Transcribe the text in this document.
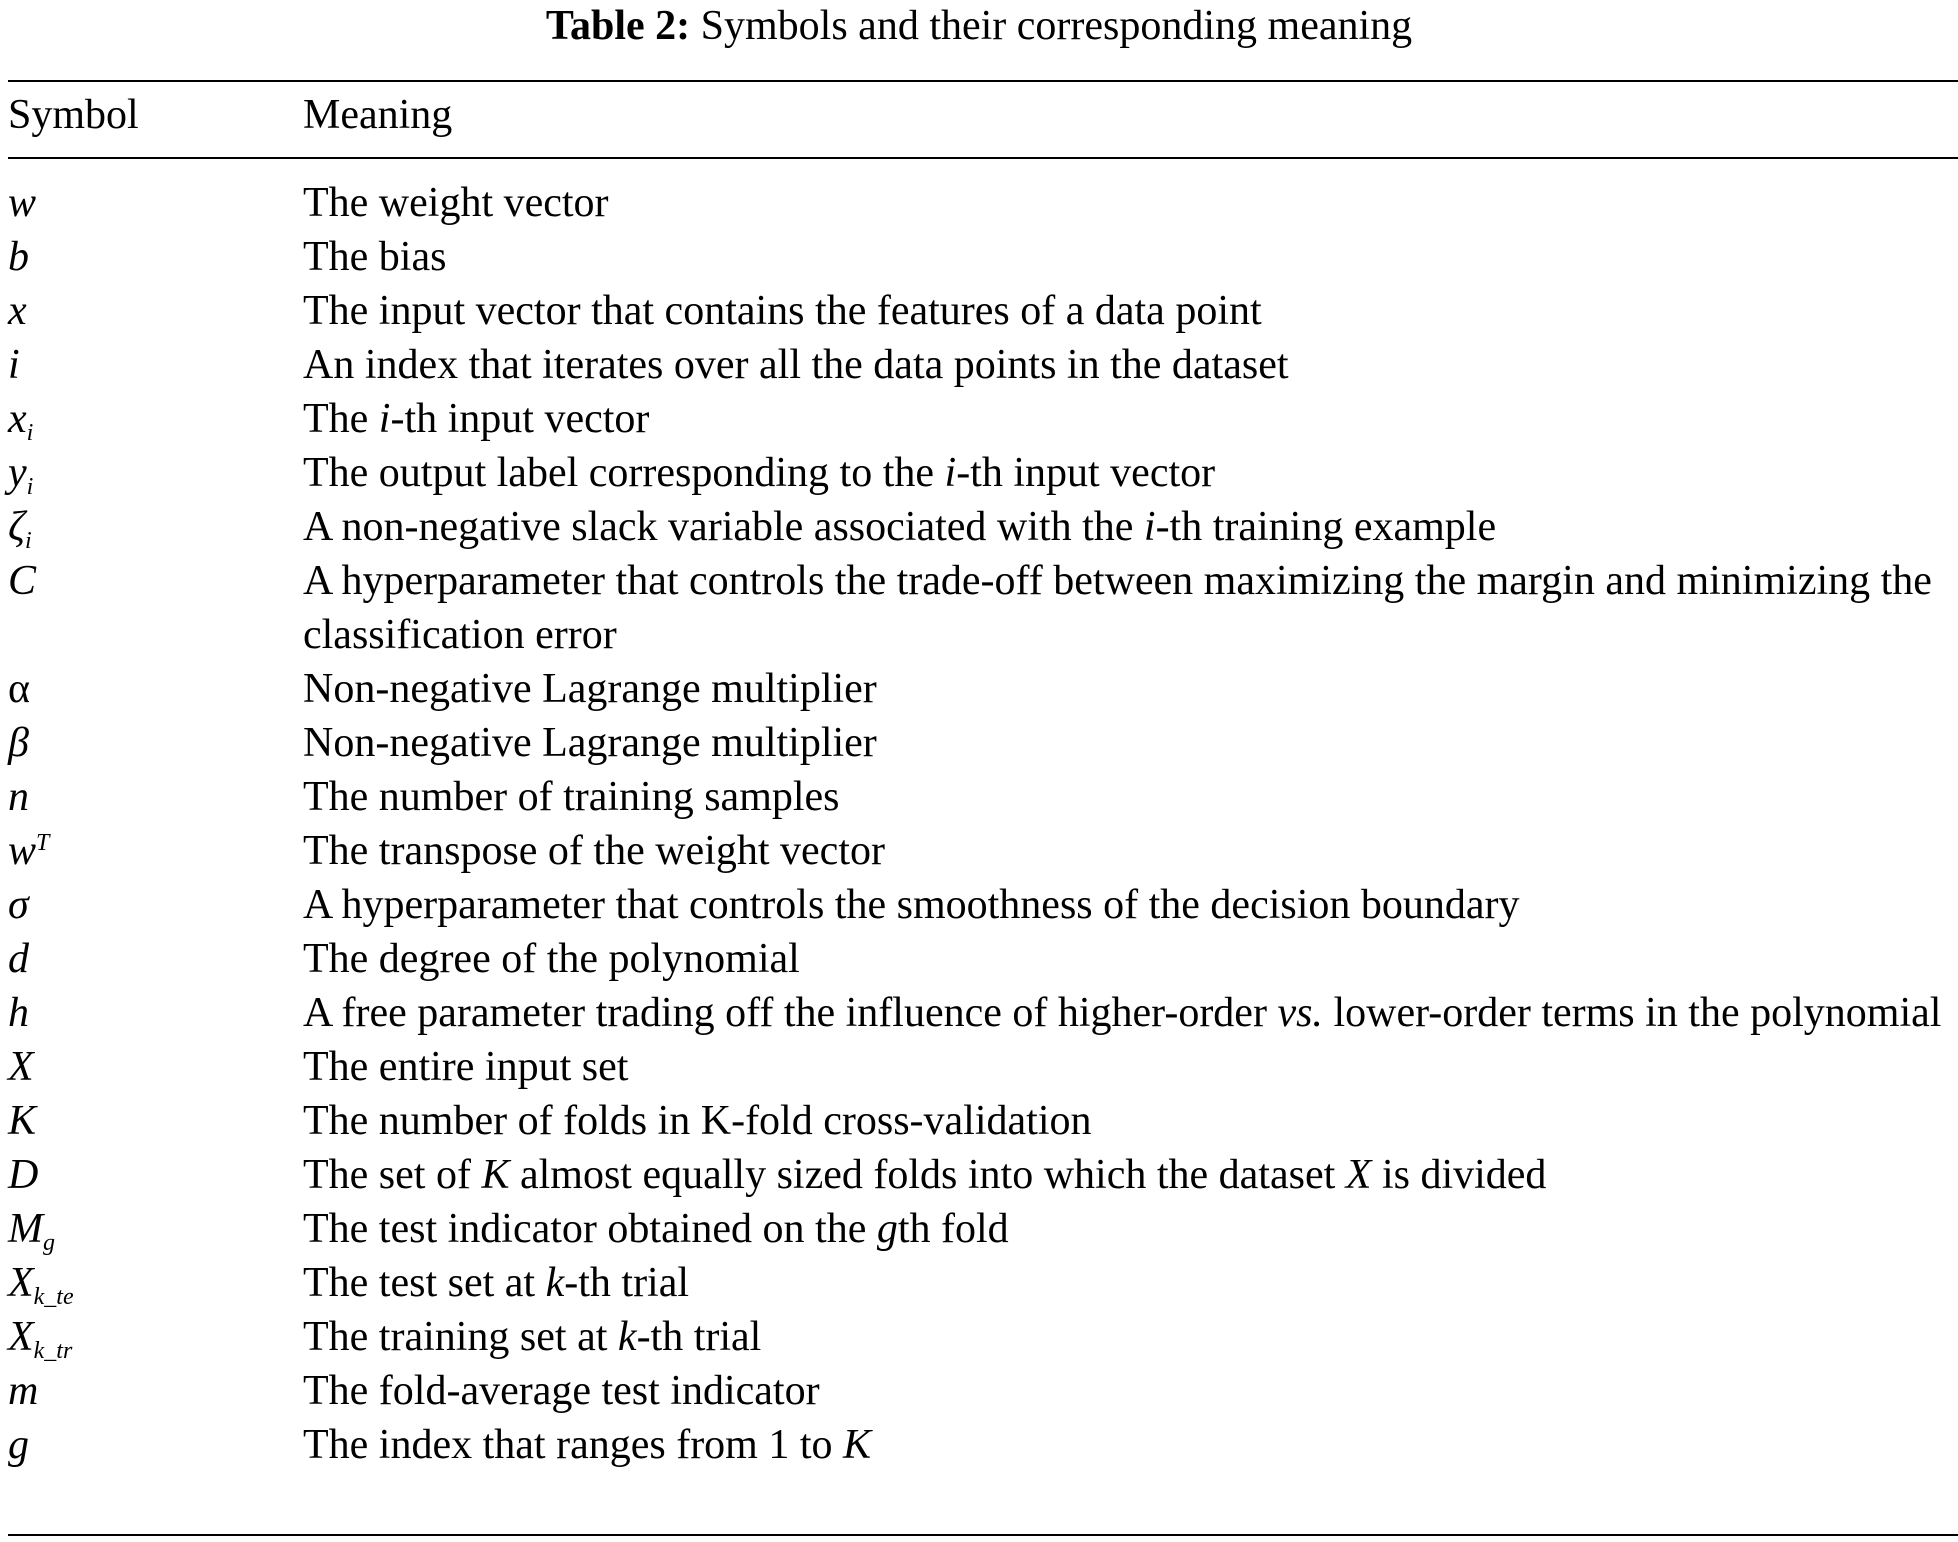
Table 2: Symbols and their corresponding meaning
Symbol	Meaning
w	The weight vector
b	The bias
x	The input vector that contains the features of a data point
i	An index that iterates over all the data points in the dataset
$x_i$	The i-th input vector
$y_i$	The output label corresponding to the i-th input vector
$\zeta_i$	A non-negative slack variable associated with the i-th training example
C	A hyperparameter that controls the trade-off between maximizing the margin and minimizing the classification error
α	Non-negative Lagrange multiplier
β	Non-negative Lagrange multiplier
n	The number of training samples
$w^T$	The transpose of the weight vector
σ	A hyperparameter that controls the smoothness of the decision boundary
d	The degree of the polynomial
h	A free parameter trading off the influence of higher-order vs. lower-order terms in the polynomial
X	The entire input set
K	The number of folds in K-fold cross-validation
D	The set of K almost equally sized folds into which the dataset X is divided
$M_g$	The test indicator obtained on the gth fold
$X_{k\_te}$	The test set at k-th trial
$X_{k\_tr}$	The training set at k-th trial
m	The fold-average test indicator
g	The index that ranges from 1 to K
